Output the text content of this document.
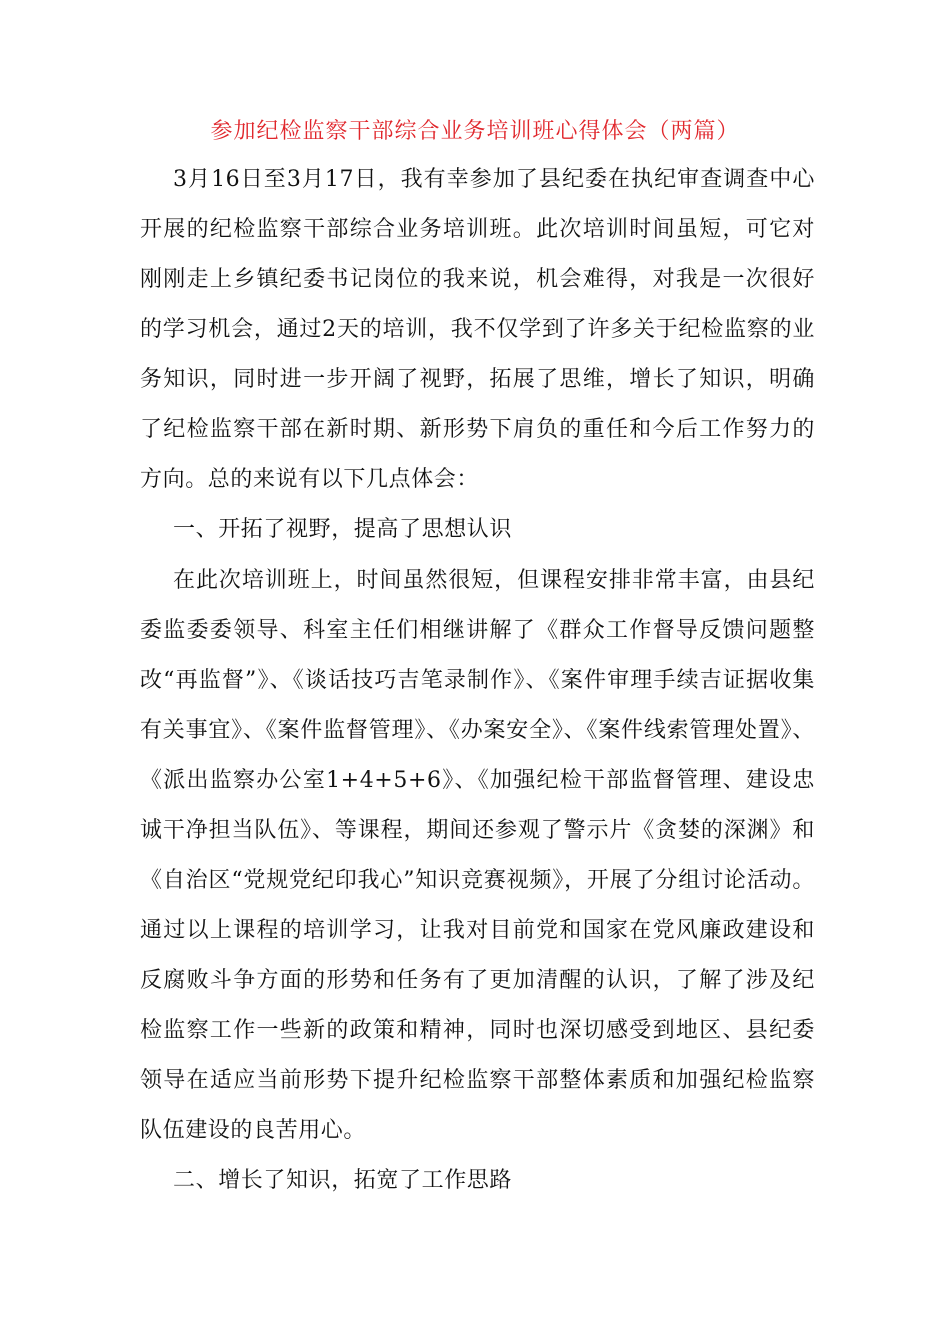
参加纪检监察干部综合业务培训班心得体会（两篇）

3月16日至3月17日，我有幸参加了县纪委在执纪审查调查中心开展的纪检监察干部综合业务培训班。此次培训时间虽短，可它对刚刚走上乡镇纪委书记岗位的我来说，机会难得，对我是一次很好的学习机会，通过2天的培训，我不仅学到了许多关于纪检监察的业务知识，同时进一步开阔了视野，拓展了思维，增长了知识，明确了纪检监察干部在新时期、新形势下肩负的重任和今后工作努力的方向。总的来说有以下几点体会：

一、开拓了视野，提高了思想认识

在此次培训班上，时间虽然很短，但课程安排非常丰富，由县纪委监委委领导、科室主任们相继讲解了《群众工作督导反馈问题整改“再监督”》、《谈话技巧吉笔录制作》、《案件审理手续吉证据收集有关事宜》、《案件监督管理》、《办案安全》、《案件线索管理处置》、《派出监察办公室1+4+5+6》、《加强纪检干部监督管理、建设忠诚干净担当队伍》、等课程，期间还参观了警示片《贪婪的深渊》和《自治区“党规党纪印我心”知识竞赛视频》，开展了分组讨论活动。通过以上课程的培训学习，让我对目前党和国家在党风廉政建设和反腐败斗争方面的形势和任务有了更加清醒的认识，了解了涉及纪检监察工作一些新的政策和精神，同时也深切感受到地区、县纪委领导在适应当前形势下提升纪检监察干部整体素质和加强纪检监察队伍建设的良苦用心。

二、增长了知识，拓宽了工作思路
